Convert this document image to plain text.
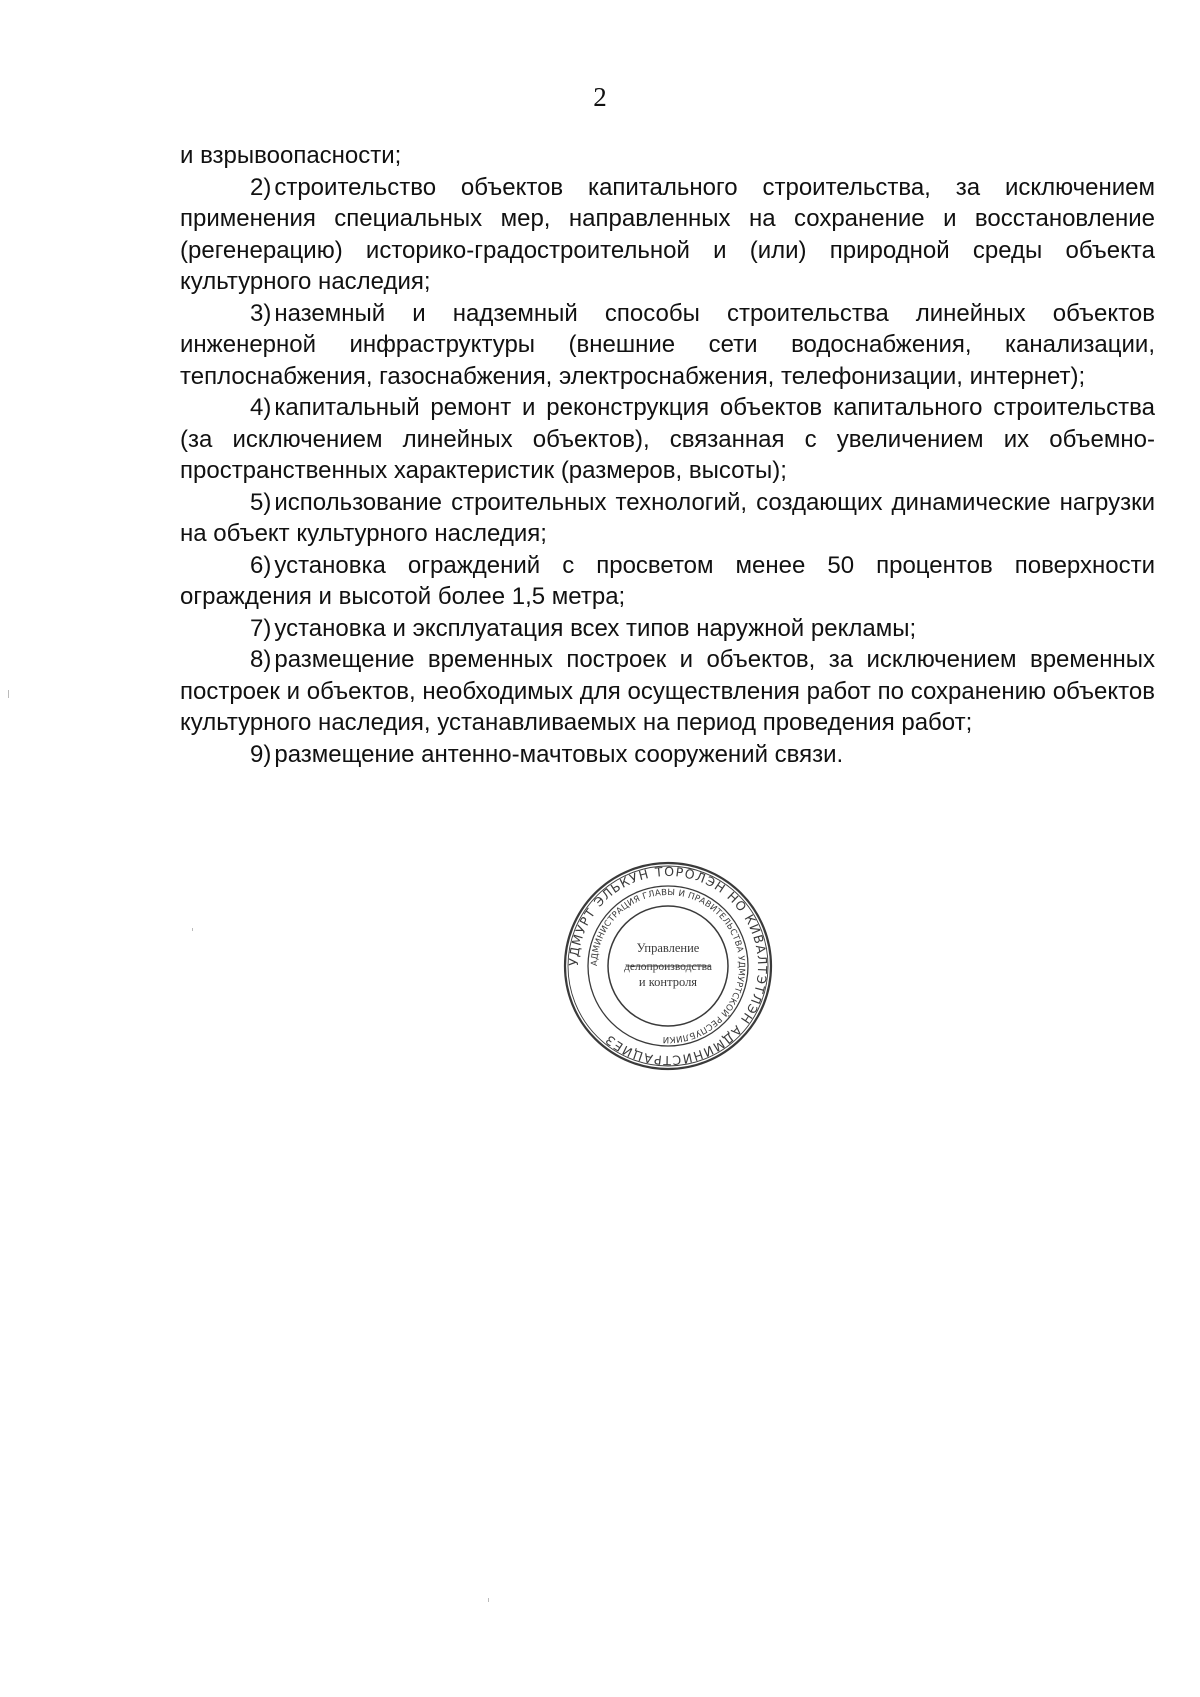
2

и взрывоопасности;

2) строительство объектов капитального строительства, за исключением применения специальных мер, направленных на сохранение и восстановление (регенерацию) историко-градостроительной и (или) природной среды объекта культурного наследия;

3) наземный и надземный способы строительства линейных объектов инженерной инфраструктуры (внешние сети водоснабжения, канализации, теплоснабжения, газоснабжения, электроснабжения, телефонизации, интернет);

4) капитальный ремонт и реконструкция объектов капитального строительства (за исключением линейных объектов), связанная с увеличением их объемно-пространственных характеристик (размеров, высоты);

5) использование строительных технологий, создающих динамические нагрузки на объект культурного наследия;

6) установка ограждений с просветом менее 50 процентов поверхности ограждения и высотой более 1,5 метра;

7) установка и эксплуатация всех типов наружной рекламы;

8) размещение временных построек и объектов, за исключением временных построек и объектов, необходимых для осуществления работ по сохранению объектов культурного наследия, устанавливаемых на период проведения работ;

9) размещение антенно-мачтовых сооружений связи.

УДМУРТ ЭЛЬКУН ТОРОЛЭН НО КИВАЛТЭТЛЭН АДМИНИСТРАЦИЕЗ
АДМИНИСТРАЦИЯ ГЛАВЫ И ПРАВИТЕЛЬСТВА УДМУРТСКОЙ РЕСПУБЛИКИ
Управление
делопроизводства
и контроля
